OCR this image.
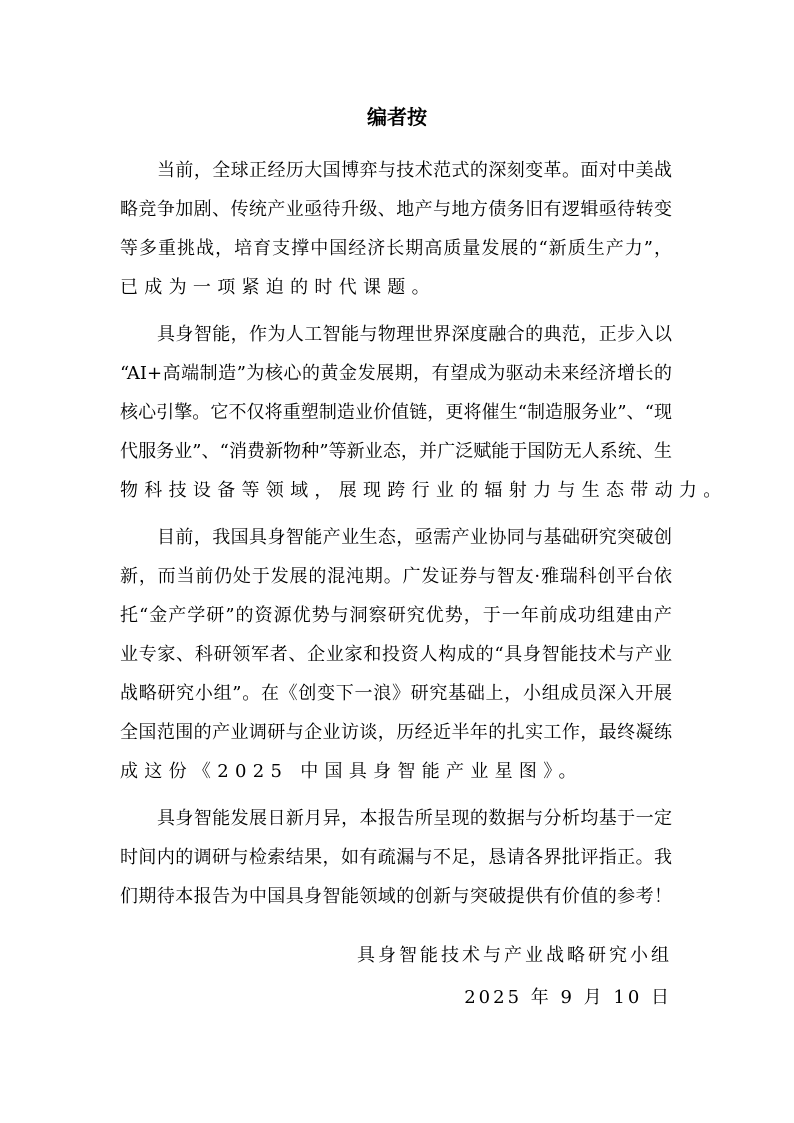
编者按
当前，全球正经历大国博弈与技术范式的深刻变革。面对中美战
略竞争加剧、传统产业亟待升级、地产与地方债务旧有逻辑亟待转变
等多重挑战，培育支撑中国经济长期高质量发展的“新质生产力”，
已成为一项紧迫的时代课题。
具身智能，作为人工智能与物理世界深度融合的典范，正步入以
“AI+高端制造”为核心的黄金发展期，有望成为驱动未来经济增长的
核心引擎。它不仅将重塑制造业价值链，更将催生“制造服务业”、“现
代服务业”、“消费新物种”等新业态，并广泛赋能于国防无人系统、生
物科技设备等领域，展现跨行业的辐射力与生态带动力。
目前，我国具身智能产业生态，亟需产业协同与基础研究突破创
新，而当前仍处于发展的混沌期。广发证券与智友·雅瑞科创平台依
托“金产学研”的资源优势与洞察研究优势，于一年前成功组建由产
业专家、科研领军者、企业家和投资人构成的“具身智能技术与产业
战略研究小组”。在《创变下一浪》研究基础上，小组成员深入开展
全国范围的产业调研与企业访谈，历经近半年的扎实工作，最终凝练
成这份《2025 中国具身智能产业星图》。
具身智能发展日新月异，本报告所呈现的数据与分析均基于一定
时间内的调研与检索结果，如有疏漏与不足，恳请各界批评指正。我
们期待本报告为中国具身智能领域的创新与突破提供有价值的参考！
具身智能技术与产业战略研究小组
2025 年 9 月 10 日
